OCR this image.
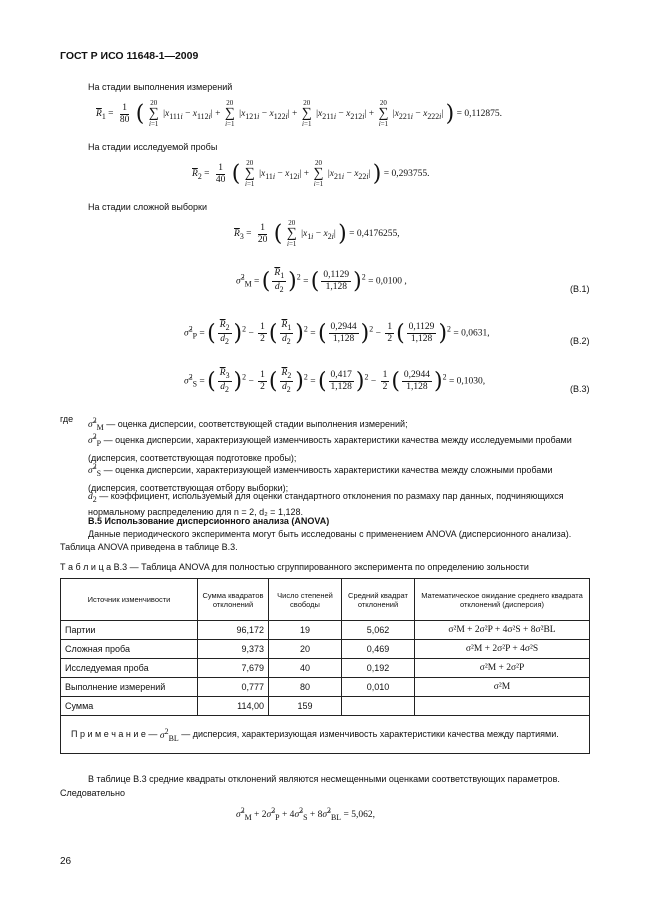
ГОСТ Р ИСО 11648-1—2009
На стадии выполнения измерений
$\overline{R}_1 = \frac{1}{80}$ ( 20
∑
i=1
$|x_{111i} - x_{112i}|$ +
20
∑
i=1
$|x_{121i} - x_{122i}|$ +
20
∑
i=1
$|x_{211i} - x_{212i}|$ +
20
∑
i=1
$|x_{221i} - x_{222i}|$ ) = 0,112875.
На стадии исследуемой пробы
$\overline{R}_2 = \frac{1}{40}$ ( 20
∑
i=1
$|x_{11i} - x_{12i}|$ +
20
∑
i=1
$|x_{21i} - x_{22i}|$ ) = 0,293755.
На стадии сложной выборки
$\overline{R}_3 = \frac{1}{20}$ ( 20
∑
i=1
$|x_{1i} - x_{2i}|$ ) = 0,4176255,
σ̂$^2_M$ = ( $\frac{\overline{R}_1}{d_2} )^2$ = ( $\frac{0,1129}{1,128} )^2 = 0,0100$ ,
(В.1)
σ̂$^2_P$ = ( $\frac{\overline{R}_2}{d_2} )^2 - \frac{1}{2}$ ( $\frac{\overline{R}_1}{d_2} )^2$ = ( $\frac{0,2944}{1,128} )^2 - \frac{1}{2}$ ( $\frac{0,1129}{1,128} )^2 = 0,0631$,
(В.2)
σ̂$^2_S$ = ( $\frac{\overline{R}_3}{d_2} )^2 - \frac{1}{2}$ ( $\frac{\overline{R}_2}{d_2} )^2$ = ( $\frac{0,417}{1,128} )^2 - \frac{1}{2}$ ( $\frac{0,2944}{1,128} )^2 = 0,1030$,
(В.3)
где
σ̂$^2_M$ — оценка дисперсии, соответствующей стадии выполнения измерений;
σ̂$^2_P$ — оценка дисперсии, характеризующей изменчивость характеристики качества между исследуемыми пробами (дисперсия, соответствующая подготовке пробы);
σ̂$^2_S$ — оценка дисперсии, характеризующей изменчивость характеристики качества между сложными пробами (дисперсия, соответствующая отбору выборки);
$d_2$ — коэффициент, используемый для оценки стандартного отклонения по размаху пар данных, подчиняющихся нормальному распределению для n = 2, d₂ = 1,128.
В.5 Использование дисперсионного анализа (ANOVA)
Данные периодического эксперимента могут быть исследованы с применением ANOVA (дисперсионного анализа). Таблица ANOVA приведена в таблице В.3.
Т а б л и ц а В.3 — Таблица ANOVA для полностью сгруппированного эксперимента по определению зольности
Источник изменчивости	Сумма квадратов отклонений	Число степеней свободы	Средний квадрат отклонений	Математическое ожидание среднего квадрата отклонений (дисперсия)
Партии	96,172	19	5,062	σ²M + 2σ²P + 4σ²S + 8σ²BL
Сложная проба	9,373	20	0,469	σ²M + 2σ²P + 4σ²S
Исследуемая проба	7,679	40	0,192	σ²M + 2σ²P
Выполнение измерений	0,777	80	0,010	σ²M
Сумма	114,00	159		
П р и м е ч а н и е — $\sigma^2_{BL}$ — дисперсия, характеризующая изменчивость характеристики качества между партиями.				
В таблице В.3 средние квадраты отклонений являются несмещенными оценками соответствующих параметров. Следовательно
σ̂$^2_M$ + 2σ̂$^2_P$ + 4σ̂$^2_S$ + 8σ̂$^2_{BL}$ = 5,062,
26
